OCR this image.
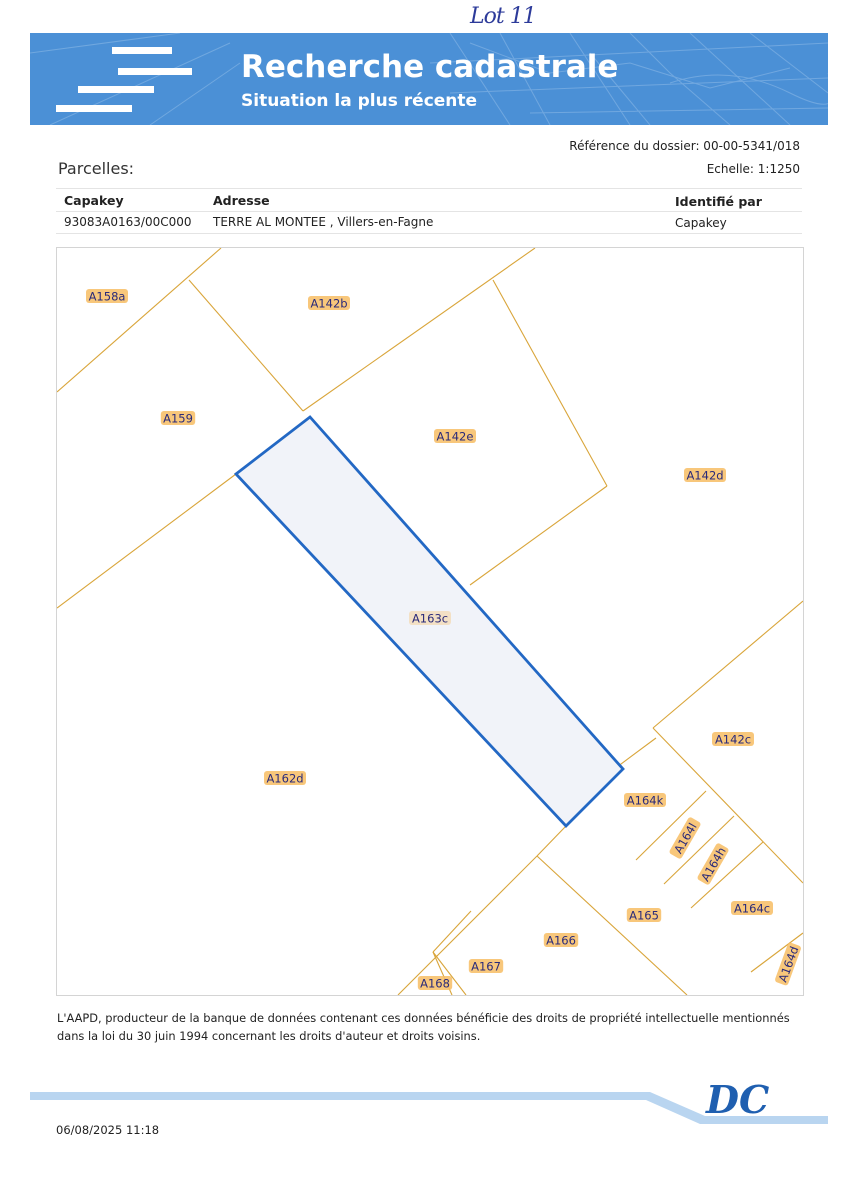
Lot 11
Recherche cadastrale
Situation la plus récente
Référence du dossier: 00-00-5341/018
Echelle: 1:1250
Parcelles:
Capakey	Adresse	Identifié par
93083A0163/00C000 TERRE AL MONTEE , Villers-en-Fagne	Capakey
A158a	A142b
A159
A142e
A142d
A163c
A162d
A142c
A164k
A164l
A164h
A165	A164c
A166
A167	A164d
A168
L'AAPD, producteur de la banque de données contenant ces données bénéficie des droits de propriété intellectuelle mentionnés dans la loi du 30 juin 1994 concernant les droits d'auteur et droits voisins.
DC
06/08/2025 11:18
